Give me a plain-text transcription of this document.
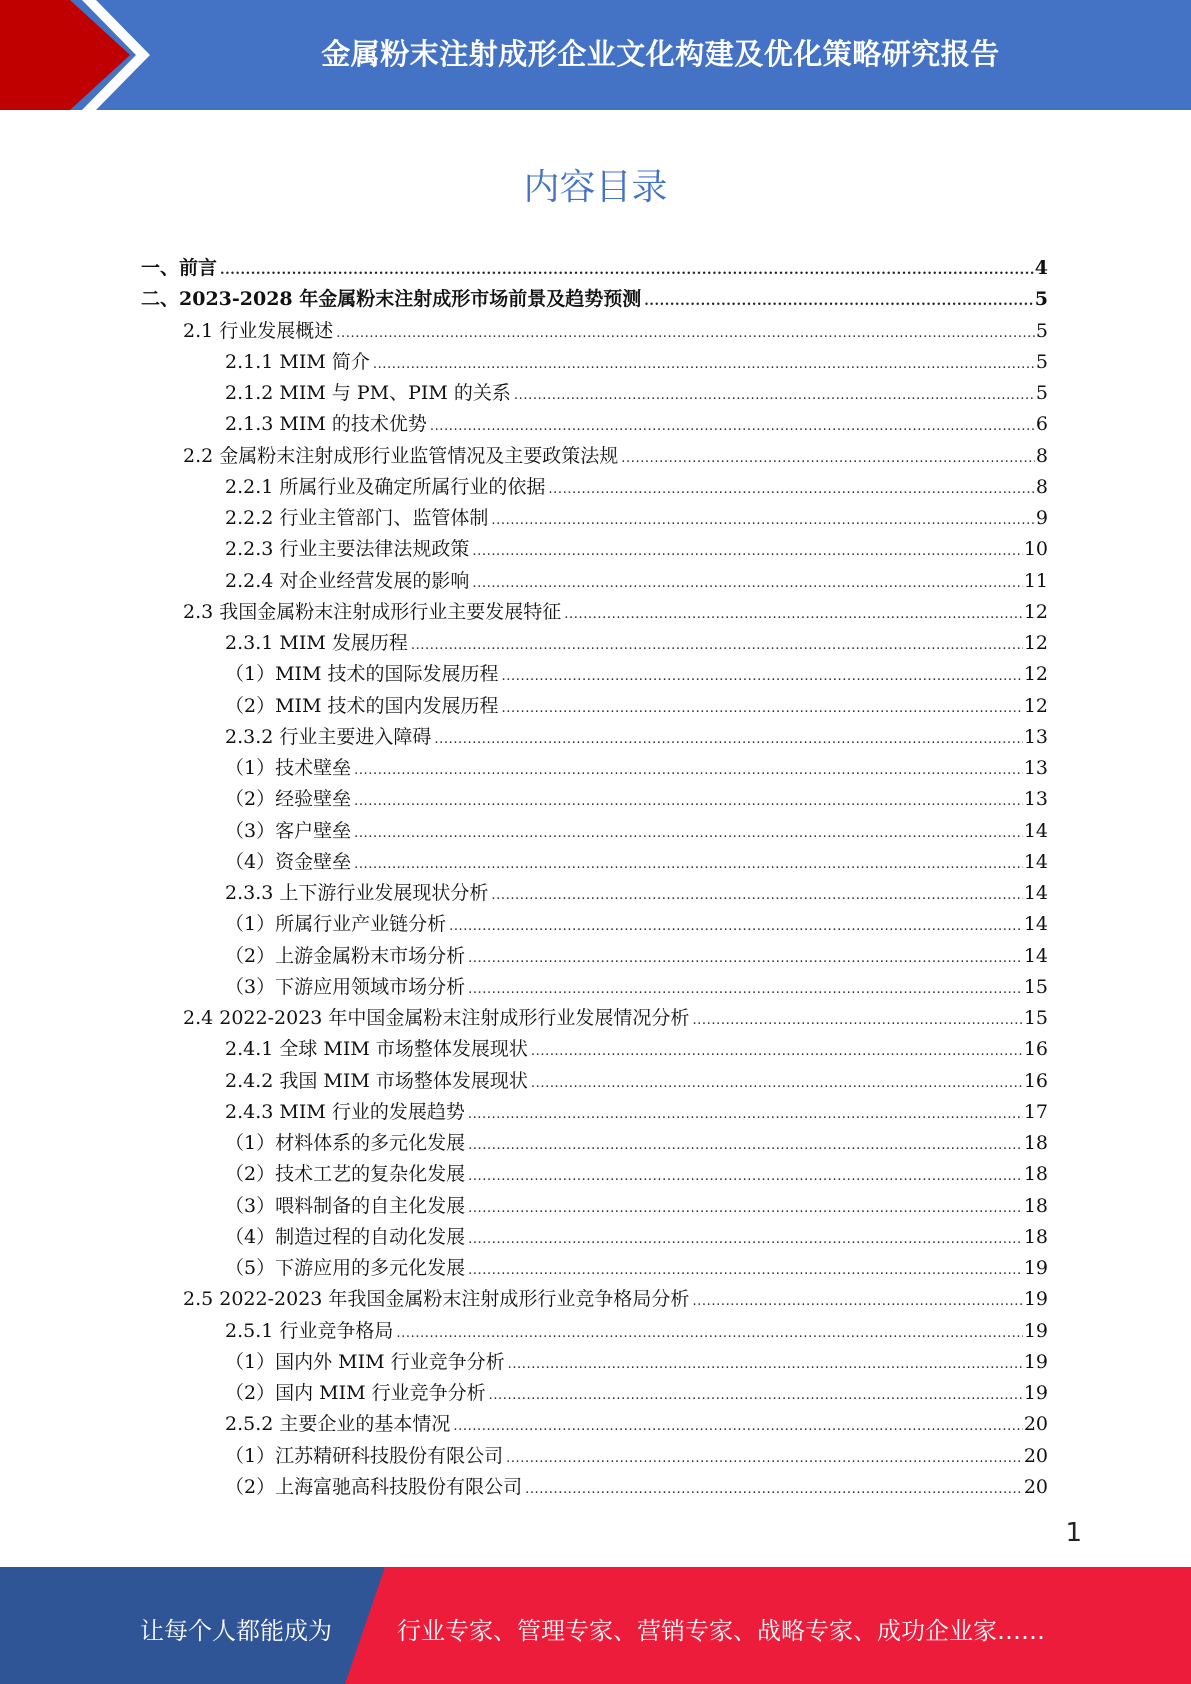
金属粉末注射成形企业文化构建及优化策略研究报告
内容目录
一、前言 .....	4
二、2023-2028 年金属粉末注射成形市场前景及趋势预测 .....	5
2.1 行业发展概述 .....	5
2.1.1 MIM 简介 .....	5
2.1.2 MIM 与 PM、PIM 的关系 .....	5
2.1.3 MIM 的技术优势 .....	6
2.2 金属粉末注射成形行业监管情况及主要政策法规 .....	8
2.2.1 所属行业及确定所属行业的依据 .....	8
2.2.2 行业主管部门、监管体制 .....	9
2.2.3 行业主要法律法规政策 .....	10
2.2.4 对企业经营发展的影响 .....	11
2.3 我国金属粉末注射成形行业主要发展特征 .....	12
2.3.1 MIM 发展历程 .....	12
（1）MIM 技术的国际发展历程 .....	12
（2）MIM 技术的国内发展历程 .....	12
2.3.2 行业主要进入障碍 .....	13
（1）技术壁垒 .....	13
（2）经验壁垒 .....	13
（3）客户壁垒 .....	14
（4）资金壁垒 .....	14
2.3.3 上下游行业发展现状分析 .....	14
（1）所属行业产业链分析 .....	14
（2）上游金属粉末市场分析 .....	14
（3）下游应用领域市场分析 .....	15
2.4 2022-2023 年中国金属粉末注射成形行业发展情况分析 .....	15
2.4.1 全球 MIM 市场整体发展现状 .....	16
2.4.2 我国 MIM 市场整体发展现状 .....	16
2.4.3 MIM 行业的发展趋势 .....	17
（1）材料体系的多元化发展 .....	18
（2）技术工艺的复杂化发展 .....	18
（3）喂料制备的自主化发展 .....	18
（4）制造过程的自动化发展 .....	18
（5）下游应用的多元化发展 .....	19
2.5 2022-2023 年我国金属粉末注射成形行业竞争格局分析 .....	19
2.5.1 行业竞争格局 .....	19
（1）国内外 MIM 行业竞争分析 .....	19
（2）国内 MIM 行业竞争分析 .....	19
2.5.2 主要企业的基本情况 .....	20
（1）江苏精研科技股份有限公司 .....	20
（2）上海富驰高科技股份有限公司 .....	20
1
让每个人都能成为	行业专家、管理专家、营销专家、战略专家、成功企业家……
